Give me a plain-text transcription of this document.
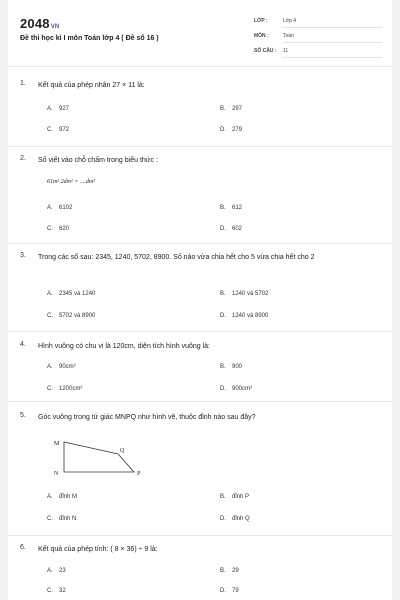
2048VN
Đề thi học kì I môn Toán lớp 4 ( Đề số 16 )
LỚP :	Lớp 4
MÔN :	Toán
SỐ CÂU : 11
1. Kết quả của phép nhân 27 × 11 là:
A. 927	B. 297
C. 972	D. 279
2. Số viết vào chỗ chấm trong biểu thức :
61m² 2dm² = ....dm²
A. 6102	B. 612
C. 620	D. 602
3. Trong các số sau: 2345, 1240, 5702, 8900. Số nào vừa chia hết cho 5 vừa chia hết cho 2
A. 2345 và 1240	B. 1240 và 5702
C. 5702 và 8900	D. 1240 và 8900
4. Hình vuông có chu vi là 120cm, diện tích hình vuông là:
A. 90cm²	B. 900
C. 1200cm²	D. 900cm²
5. Góc vuông trong tứ giác MNPQ như hình vẽ, thuộc đỉnh nào sau đây?
M
N	P
Q
A. đỉnh M	B. đỉnh P
C. đỉnh N	D. đỉnh Q
6. Kết quả của phép tính: ( 8 × 36) ÷ 9 là:
A. 23	B. 29
C. 32	D. 79
